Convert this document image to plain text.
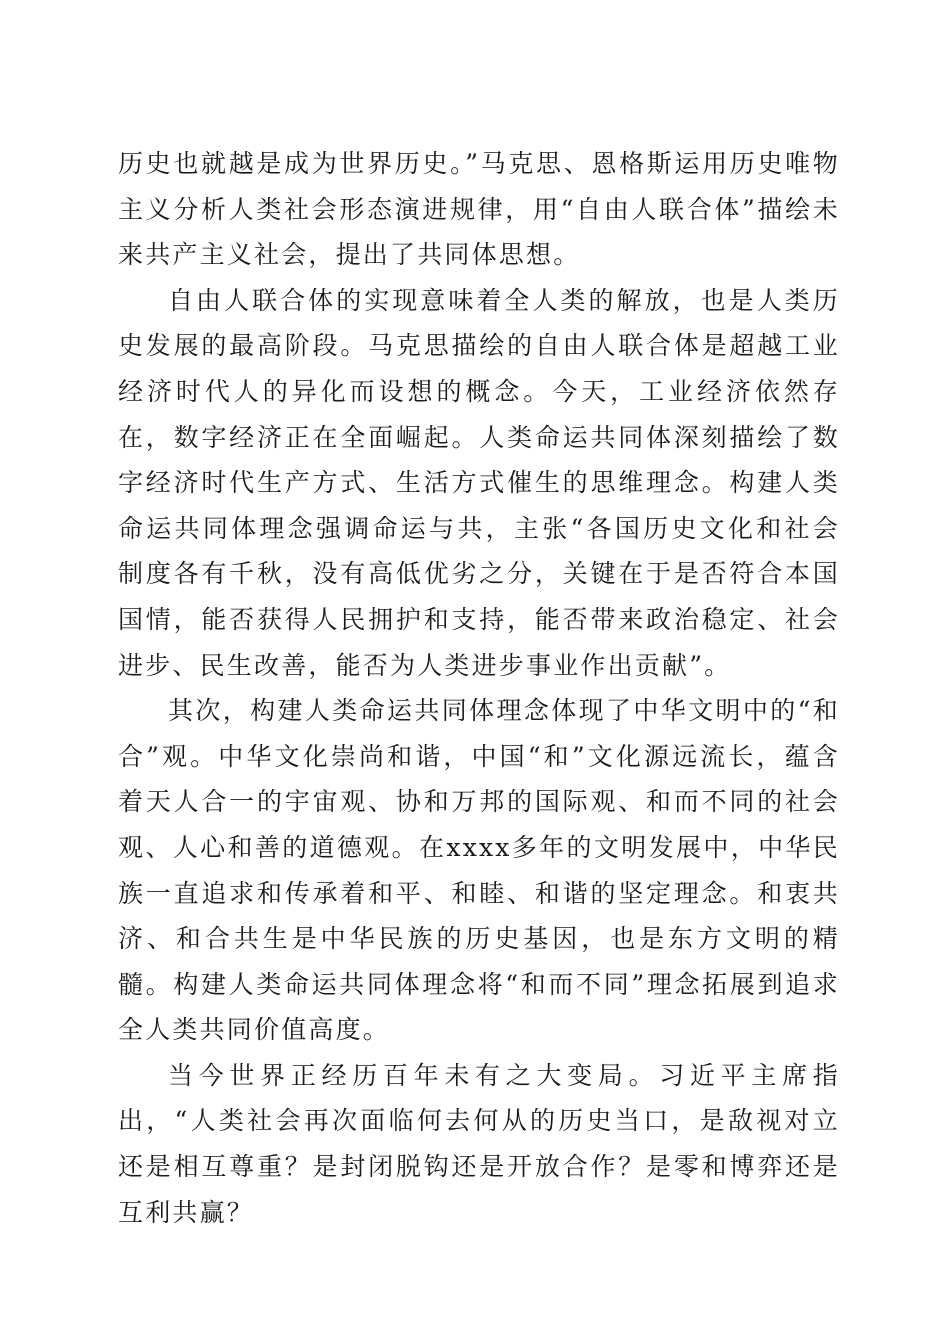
历史也就越是成为世界历史。”马克思、恩格斯运用历史唯物主义分析人类社会形态演进规律，用“自由人联合体”描绘未来共产主义社会，提出了共同体思想。

自由人联合体的实现意味着全人类的解放，也是人类历史发展的最高阶段。马克思描绘的自由人联合体是超越工业经济时代人的异化而设想的概念。今天，工业经济依然存在，数字经济正在全面崛起。人类命运共同体深刻描绘了数字经济时代生产方式、生活方式催生的思维理念。构建人类命运共同体理念强调命运与共，主张“各国历史文化和社会制度各有千秋，没有高低优劣之分，关键在于是否符合本国国情，能否获得人民拥护和支持，能否带来政治稳定、社会进步、民生改善，能否为人类进步事业作出贡献”。

其次，构建人类命运共同体理念体现了中华文明中的“和合”观。中华文化崇尚和谐，中国“和”文化源远流长，蕴含着天人合一的宇宙观、协和万邦的国际观、和而不同的社会观、人心和善的道德观。在xxxx多年的文明发展中，中华民族一直追求和传承着和平、和睦、和谐的坚定理念。和衷共济、和合共生是中华民族的历史基因，也是东方文明的精髓。构建人类命运共同体理念将“和而不同”理念拓展到追求全人类共同价值高度。

当今世界正经历百年未有之大变局。习近平主席指出，“人类社会再次面临何去何从的历史当口，是敌视对立还是相互尊重？是封闭脱钩还是开放合作？是零和博弈还是互利共赢？
